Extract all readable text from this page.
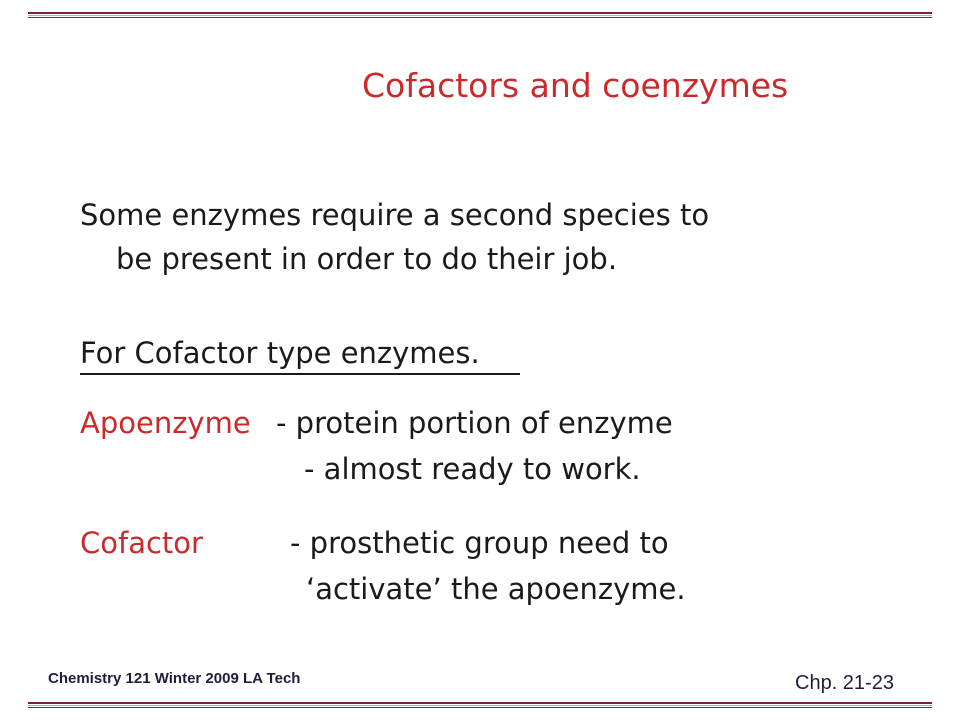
Cofactors and coenzymes
Some enzymes require a second species to
be present in order to do their job.
For Cofactor type enzymes.
Apoenzyme - protein portion of enzyme
- almost ready to work.
Cofactor	- prosthetic group need to
‘activate’ the apoenzyme.
Chemistry 121 Winter 2009 LA Tech	Chp. 21-23
